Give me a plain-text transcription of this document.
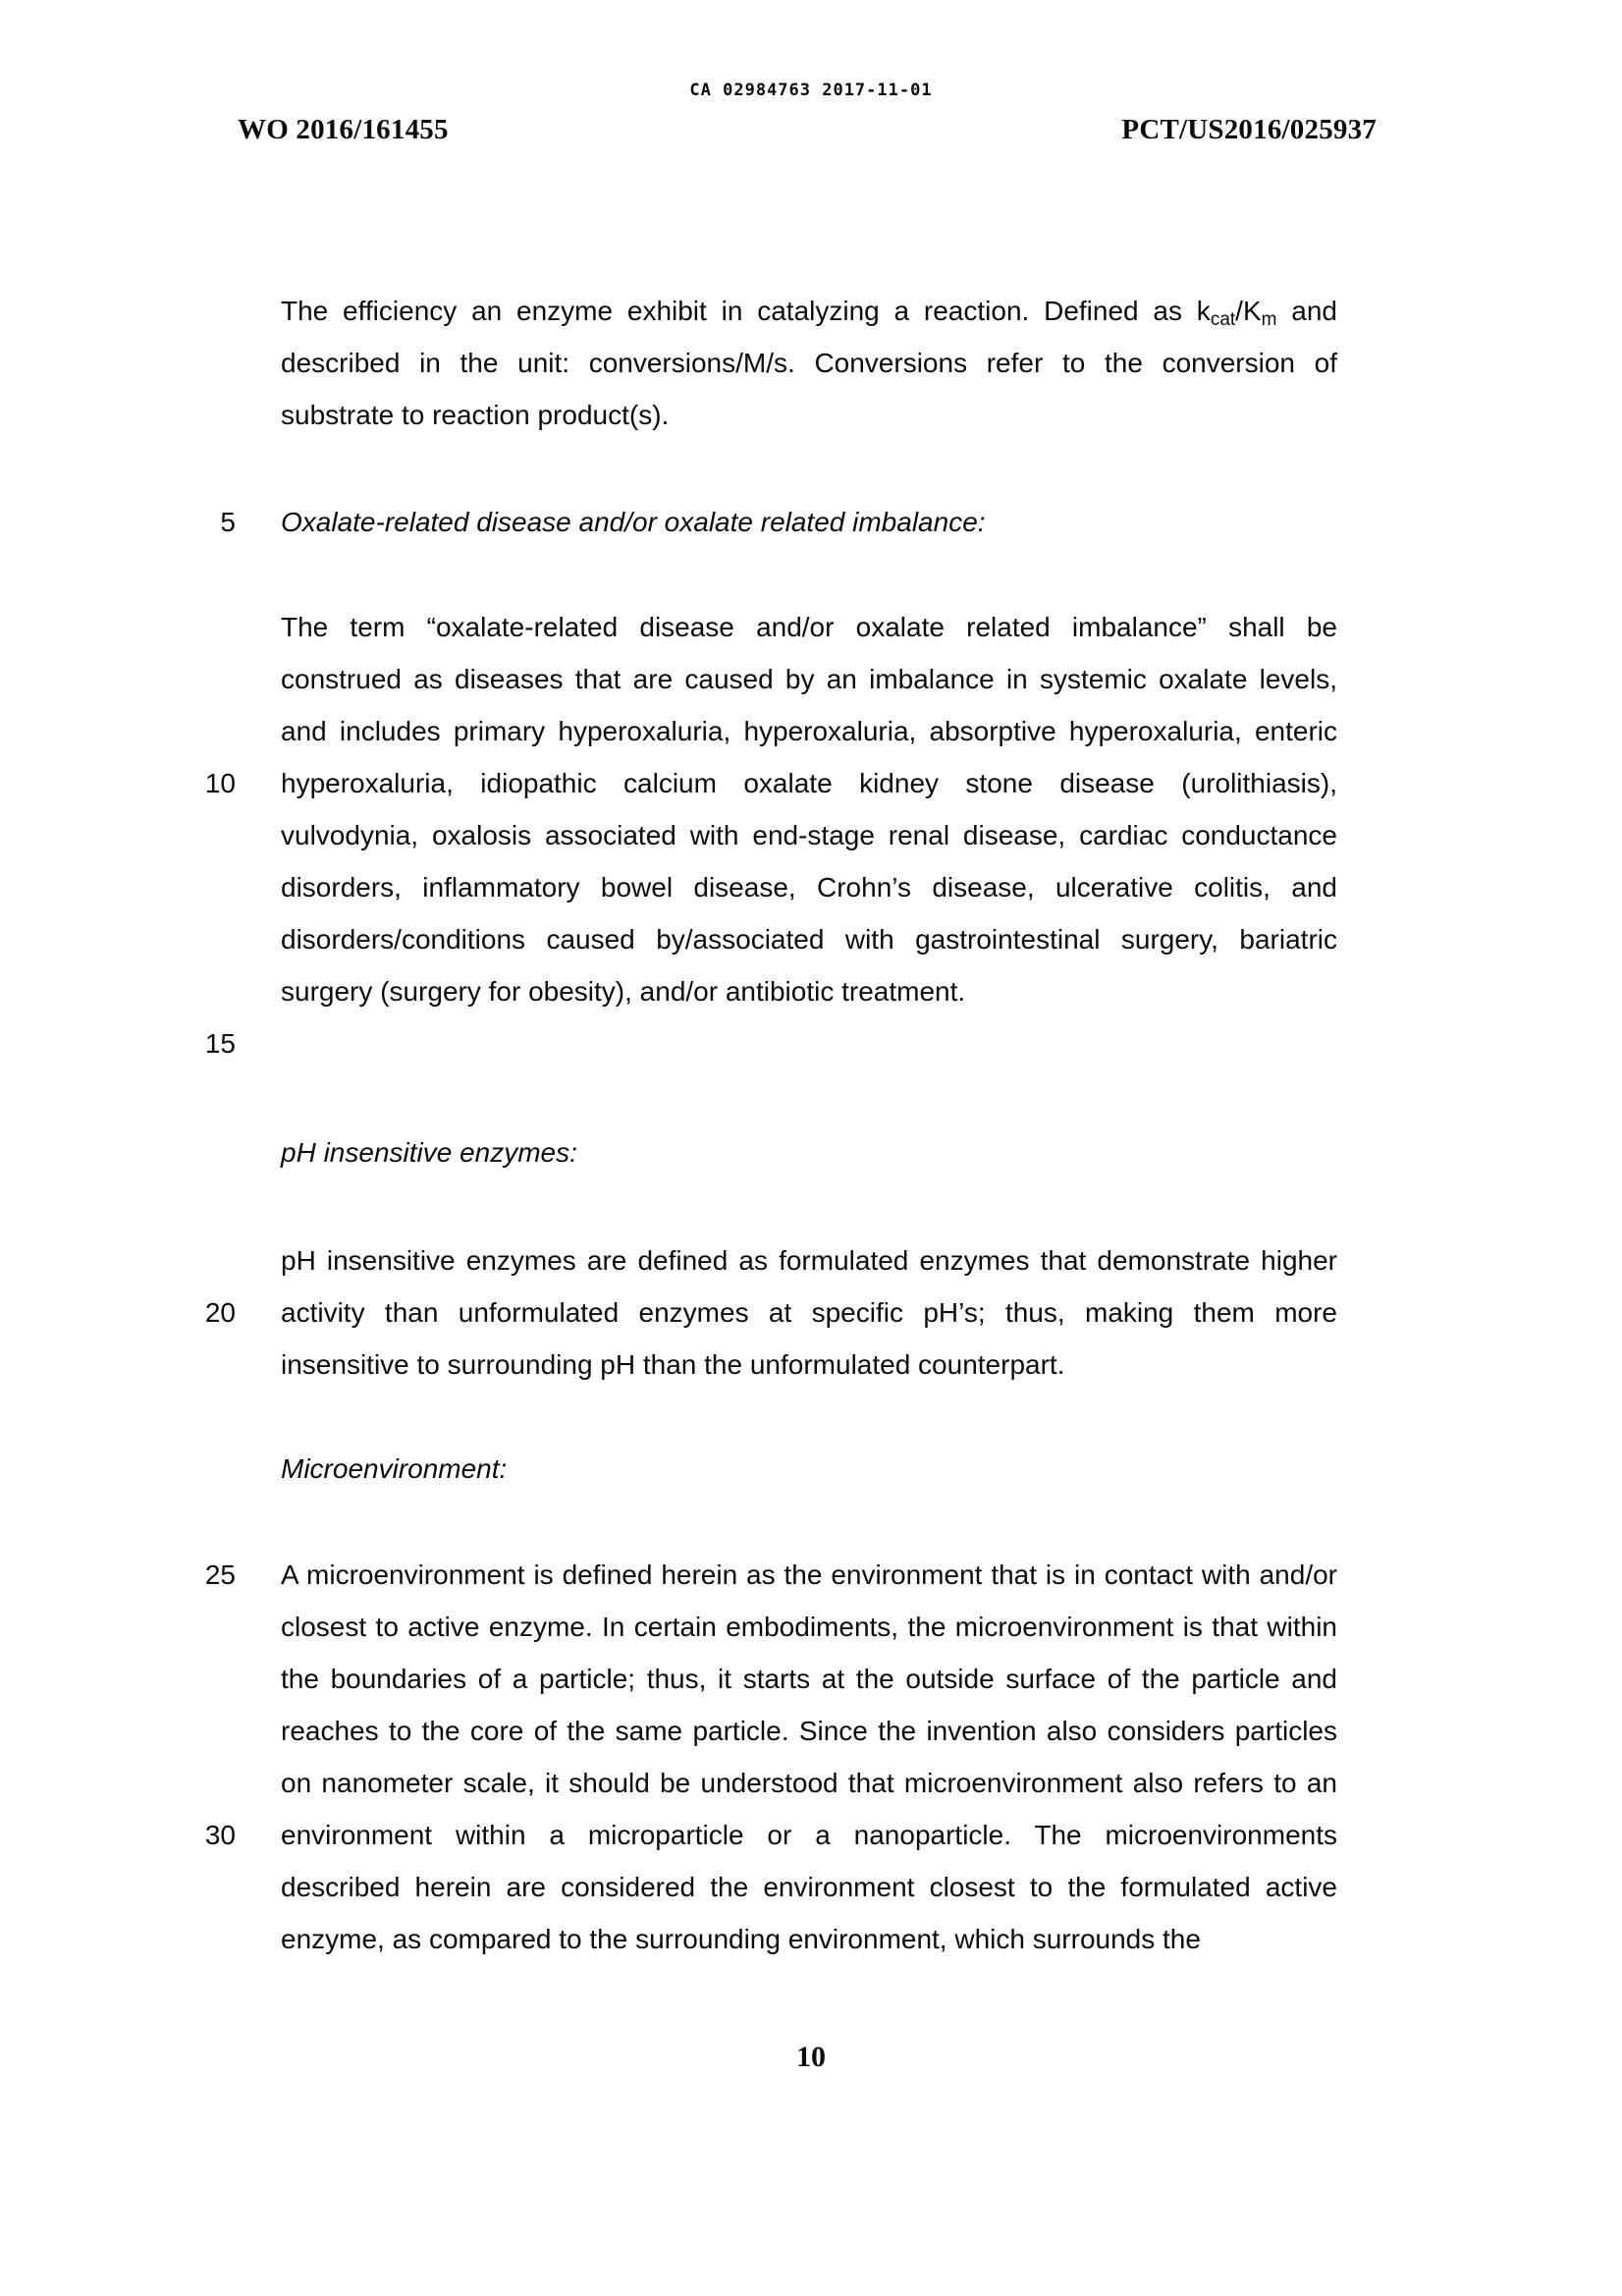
CA 02984763 2017-11-01
WO 2016/161455	PCT/US2016/025937
5
10
15
20
25
30
The efficiency an enzyme exhibit in catalyzing a reaction. Defined as $k_{cat}/K_m$ and described in the unit: conversions/M/s. Conversions refer to the conversion of substrate to reaction product(s).
Oxalate-related disease and/or oxalate related imbalance:
The term “oxalate-related disease and/or oxalate related imbalance” shall be construed as diseases that are caused by an imbalance in systemic oxalate levels, and includes primary hyperoxaluria, hyperoxaluria, absorptive hyperoxaluria, enteric hyperoxaluria, idiopathic calcium oxalate kidney stone disease (urolithiasis), vulvodynia, oxalosis associated with end-stage renal disease, cardiac conductance disorders, inflammatory bowel disease, Crohn’s disease, ulcerative colitis, and disorders/conditions caused by/associated with gastrointestinal surgery, bariatric surgery (surgery for obesity), and/or antibiotic treatment.
pH insensitive enzymes:
pH insensitive enzymes are defined as formulated enzymes that demonstrate higher activity than unformulated enzymes at specific pH’s; thus, making them more insensitive to surrounding pH than the unformulated counterpart.
Microenvironment:
A microenvironment is defined herein as the environment that is in contact with and/or closest to active enzyme. In certain embodiments, the microenvironment is that within the boundaries of a particle; thus, it starts at the outside surface of the particle and reaches to the core of the same particle. Since the invention also considers particles on nanometer scale, it should be understood that microenvironment also refers to an environment within a microparticle or a nanoparticle. The microenvironments described herein are considered the environment closest to the formulated active enzyme, as compared to the surrounding environment, which surrounds the
10
